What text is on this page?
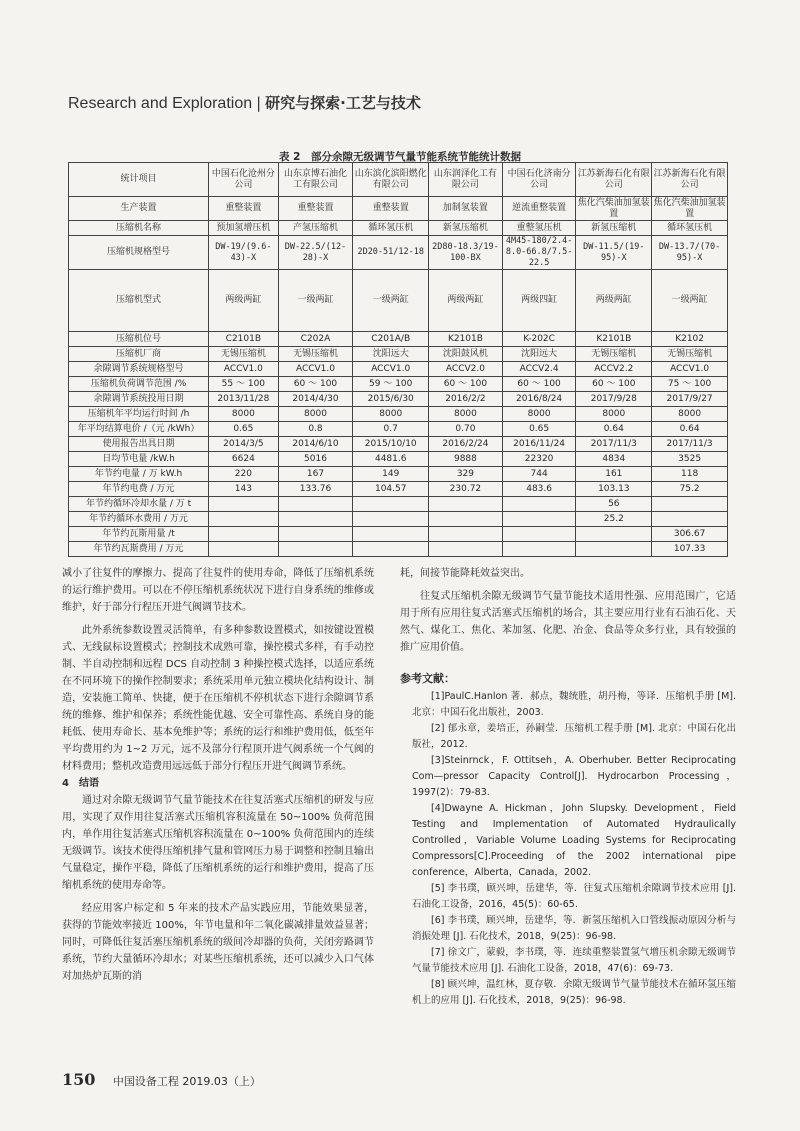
Research and Exploration | 研究与探索·工艺与技术
表 2　部分余隙无级调节气量节能系统节能统计数据
统计项目	中国石化沧州分公司	山东京博石油化工有限公司	山东滨化滨阳燃化有限公司	山东润泽化工有限公司	中国石化济南分公司	江苏新海石化有限公司	江苏新海石化有限公司
生产装置	重整装置	重整装置	重整装置	加制氢装置	逆流重整装置	焦化汽柴油加氢装置	焦化汽柴油加氢装置
压缩机名称	预加氢增压机	产氢压缩机	循环氢压机	新氢压缩机	重整氢压机	新氢压缩机	循环氢压机
压缩机规格型号	DW-19/(9.6-43)-X	DW-22.5/(12-28)-X	2D20-51/12-18	2D80-18.3/19-100-BX	4M45-180/2.4-8.0-66.8/7.5-22.5	DW-11.5/(19-95)-X	DW-13.7/(70-95)-X
压缩机型式	两级两缸	一级两缸	一级两缸	两级两缸	两级四缸	两级两缸	一级两缸
压缩机位号	C2101B	C202A	C201A/B	K2101B	K-202C	K2101B	K2102
压缩机厂商	无锡压缩机	无锡压缩机	沈阳远大	沈阳鼓风机	沈阳远大	无锡压缩机	无锡压缩机
余隙调节系统规格型号	ACCV1.0	ACCV1.0	ACCV1.0	ACCV2.0	ACCV2.4	ACCV2.2	ACCV1.0
压缩机负荷调节范围 /%	55 ～ 100	60 ～ 100	59 ～ 100	60 ～ 100	60 ～ 100	60 ～ 100	75 ～ 100
余隙调节系统投用日期	2013/11/28	2014/4/30	2015/6/30	2016/2/2	2016/8/24	2017/9/28	2017/9/27
压缩机年平均运行时间 /h	8000	8000	8000	8000	8000	8000	8000
年平均结算电价 /（元 /kWh）	0.65	0.8	0.7	0.70	0.65	0.64	0.64
使用报告出具日期	2014/3/5	2014/6/10	2015/10/10	2016/2/24	2016/11/24	2017/11/3	2017/11/3
日均节电量 /kW.h	6624	5016	4481.6	9888	22320	4834	3525
年节约电量 / 万 kW.h	220	167	149	329	744	161	118
年节约电费 / 万元	143	133.76	104.57	230.72	483.6	103.13	75.2
年节约循环冷却水量 / 万 t						56	
年节约循环水费用 / 万元						25.2	
年节约瓦斯用量 /t							306.67
年节约瓦斯费用 / 万元							107.33

减小了往复件的摩擦力、提高了往复件的使用寿命，降低了压缩机系统的运行维护费用。可以在不停压缩机系统状况下进行自身系统的维修或维护，好于部分行程压开进气阀调节技术。

此外系统参数设置灵活简单，有多种参数设置模式，如按键设置模式、无线鼠标设置模式；控制技术成熟可靠，操控模式多样，有手动控制、半自动控制和远程 DCS 自动控制 3 种操控模式选择，以适应系统在不同环境下的操作控制要求；系统采用单元独立模块化结构设计、制造，安装施工简单、快捷，便于在压缩机不停机状态下进行余隙调节系统的维修、维护和保养；系统性能优越、安全可靠性高、系统自身的能耗低、使用寿命长、基本免维护等；系统的运行和维护费用低，低至年平均费用约为 1~2 万元，远不及部分行程顶开进气阀系统一个气阀的材料费用；整机改造费用远远低于部分行程压开进气阀调节系统。

4　结语

通过对余隙无级调节气量节能技术在往复活塞式压缩机的研发与应用，实现了双作用往复活塞式压缩机容积流量在 50~100% 负荷范围内，单作用往复活塞式压缩机容积流量在 0~100% 负荷范围内的连续无级调节。该技术使得压缩机排气量和管网压力易于调整和控制且输出气量稳定，操作平稳，降低了压缩机系统的运行和维护费用，提高了压缩机系统的使用寿命等。

经应用客户标定和 5 年来的技术产品实践应用，节能效果显著，获得的节能效率接近 100%，年节电量和年二氧化碳减排量效益显著；同时，可降低往复活塞压缩机系统的级间冷却器的负荷，关闭旁路调节系统，节约大量循环冷却水；对某些压缩机系统，还可以减少入口气体对加热炉瓦斯的消

耗，间接节能降耗效益突出。

往复式压缩机余隙无级调节气量节能技术适用性强、应用范围广，它适用于所有应用往复式活塞式压缩机的场合，其主要应用行业有石油石化、天然气、煤化工、焦化、苯加氢、化肥、冶金、食品等众多行业，具有较强的推广应用价值。

参考文献：

[1]PaulC.Hanlon 著．郝点，魏统胜，胡丹梅，等译．压缩机手册 [M]. 北京：中国石化出版社，2003.

[2] 郁永章，姜培正，孙嗣莹．压缩机工程手册 [M]. 北京：中国石化出版社，2012.

[3]Steinrnck，F. Ottitseh，A. Oberhuber. Better Reciprocating Com—pressor Capacity Control[J]. Hydrocarbon Processing，1997(2)：79-83.

[4]Dwayne A. Hickman，John Slupsky. Development，Field Testing and Implementation of Automated Hydraulically Controlled，Variable Volume Loading Systems for Reciprocating Compressors[C].Proceeding of the 2002 international pipe conference，Alberta，Canada，2002.

[5] 李书璞，顾兴坤，岳建华，等．往复式压缩机余隙调节技术应用 [J]. 石油化工设备，2016，45(5)：60-65.

[6] 李书璞，顾兴坤，岳建华，等．新氢压缩机入口管线振动原因分析与消振处理 [J]. 石化技术，2018，9(25)：96-98.

[7] 徐文广，蒙毅，李书璞，等．连续重整装置氢气增压机余隙无级调节气量节能技术应用 [J]. 石油化工设备，2018，47(6)：69-73.

[8] 顾兴坤，温红林，夏存敬．余隙无级调节气量节能技术在循环氢压缩机上的应用 [J]. 石化技术，2018，9(25)：96-98.

150 中国设备工程 2019.03（上）
